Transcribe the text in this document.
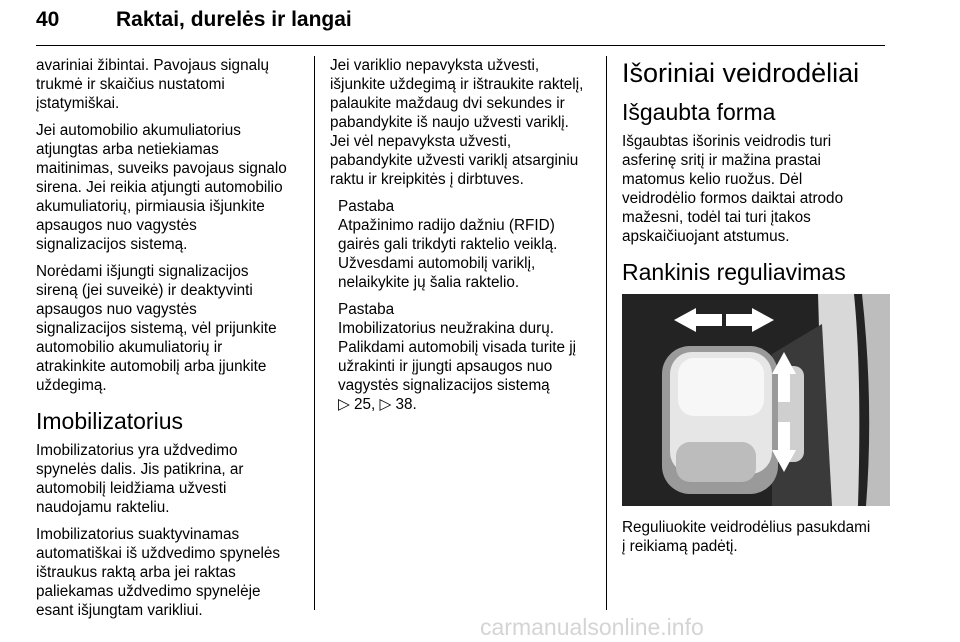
40	Raktai, durelės ir langai

avariniai žibintai. Pavojaus signalų
trukmė ir skaičius nustatomi
įstatymiškai.

Jei automobilio akumuliatorius
atjungtas arba netiekiamas
maitinimas, suveiks pavojaus signalo
sirena. Jei reikia atjungti automobilio
akumuliatorių, pirmiausia išjunkite
apsaugos nuo vagystės
signalizacijos sistemą.

Norėdami išjungti signalizacijos
sireną (jei suveikė) ir deaktyvinti
apsaugos nuo vagystės
signalizacijos sistemą, vėl prijunkite
automobilio akumuliatorių ir
atrakinkite automobilį arba įjunkite
uždegimą.

Imobilizatorius

Imobilizatorius yra uždvedimo
spynelės dalis. Jis patikrina, ar
automobilį leidžiama užvesti
naudojamu rakteliu.

Imobilizatorius suaktyvinamas
automatiškai iš uždvedimo spynelės
ištraukus raktą arba jei raktas
paliekamas uždvedimo spynelėje
esant išjungtam varikliui.

Jei variklio nepavyksta užvesti,
išjunkite uždegimą ir ištraukite raktelį,
palaukite maždaug dvi sekundes ir
pabandykite iš naujo užvesti variklį.
Jei vėl nepavyksta užvesti,
pabandykite užvesti variklį atsarginiu
raktu ir kreipkitės į dirbtuves.

Pastaba

Atpažinimo radijo dažniu (RFID)
gairės gali trikdyti raktelio veiklą.
Užvesdami automobilį variklį,
nelaikykite jų šalia raktelio.

Pastaba

Imobilizatorius neužrakina durų.
Palikdami automobilį visada turite jį
užrakinti ir įjungti apsaugos nuo
vagystės signalizacijos sistemą
▷ 25, ▷ 38.

Išoriniai veidrodėliai
Išgaubta forma

Išgaubtas išorinis veidrodis turi
asferinę sritį ir mažina prastai
matomus kelio ruožus. Dėl
veidrodėlio formos daiktai atrodo
mažesni, todėl tai turi įtakos
apskaičiuojant atstumus.

Rankinis reguliavimas

Reguliuokite veidrodėlius pasukdami
į reikiamą padėtį.

carmanualsonline.info
